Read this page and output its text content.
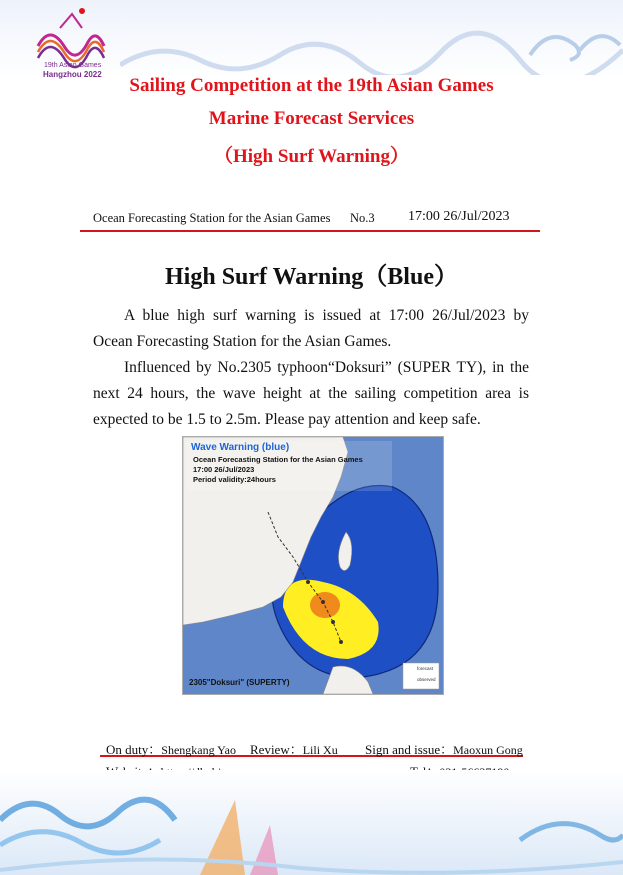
19th Asian Games
Hangzhou 2022
Sailing Competition at the 19th Asian Games
Marine Forecast Services
（High Surf Warning）
Ocean Forecasting Station for the Asian Games No.3 17:00 26/Jul/2023
High Surf Warning（Blue）
A blue high surf warning is issued at 17:00 26/Jul/2023 by Ocean Forecasting Station for the Asian Games.
Influenced by No.2305 typhoon“Doksuri” (SUPER TY), in the next 24 hours, the wave height at the sailing competition area is expected to be 1.5 to 2.5m. Please pay attention and keep safe.
Wave Warning (blue)
Ocean Forecasting Station for the Asian Games
17:00 26/Jul/2023
Period validity:24hours
2305"Doksuri" (SUPERTY)
forecast
observed
On duty：Shengkang Yao Review：Lili Xu Sign and issue：Maoxun Gong
